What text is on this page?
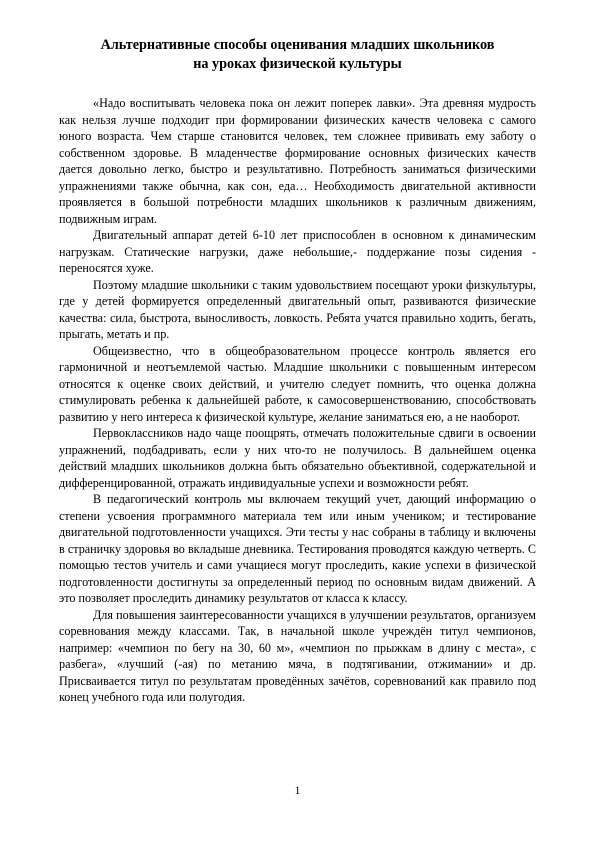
Альтернативные способы оценивания младших школьников
на уроках физической культуры

«Надо воспитывать человека пока он лежит поперек лавки». Эта древняя мудрость как нельзя лучше подходит при формировании физических качеств человека с самого юного возраста. Чем старше становится человек, тем сложнее прививать ему заботу о собственном здоровье. В младенчестве формирование основных физических качеств дается довольно легко, быстро и результативно. Потребность заниматься физическими упражнениями также обычна, как сон, еда… Необходимость двигательной активности проявляется в большой потребности младших школьников к различным движениям, подвижным играм.

Двигательный аппарат детей 6-10 лет приспособлен в основном к динамическим нагрузкам. Статические нагрузки, даже небольшие,- поддержание позы сидения - переносятся хуже.

Поэтому младшие школьники с таким удовольствием посещают уроки физкультуры, где у детей формируется определенный двигательный опыт, развиваются физические качества: сила, быстрота, выносливость, ловкость. Ребята учатся правильно ходить, бегать, прыгать, метать и пр.

Общеизвестно, что в общеобразовательном процессе контроль является его гармоничной и неотъемлемой частью. Младшие школьники с повышенным интересом относятся к оценке своих действий, и учителю следует помнить, что оценка должна стимулировать ребенка к дальнейшей работе, к самосовершенствованию, способствовать развитию у него интереса к физической культуре, желание заниматься ею, а не наоборот.

Первоклассников надо чаще поощрять, отмечать положительные сдвиги в освоении упражнений, подбадривать, если у них что-то не получилось. В дальнейшем оценка действий младших школьников должна быть обязательно объективной, содержательной и дифференцированной, отражать индивидуальные успехи и возможности ребят.

В педагогический контроль мы включаем текущий учет, дающий информацию о степени усвоения программного материала тем или иным учеником; и тестирование двигательной подготовленности учащихся. Эти тесты у нас собраны в таблицу и включены в страничку здоровья во вкладыше дневника. Тестирования проводятся каждую четверть. С помощью тестов учитель и сами учащиеся могут проследить, какие успехи в физической подготовленности достигнуты за определенный период по основным видам движений. А это позволяет проследить динамику результатов от класса к классу.

Для повышения заинтересованности учащихся в улучшении результатов, организуем соревнования между классами. Так, в начальной школе учреждён титул чемпионов, например: «чемпион по бегу на 30, 60 м», «чемпион по прыжкам в длину с места», с разбега», «лучший (-ая) по метанию мяча, в подтягивании, отжимании» и др. Присваивается титул по результатам проведённых зачётов, соревнований как правило под конец учебного года или полугодия.

1
